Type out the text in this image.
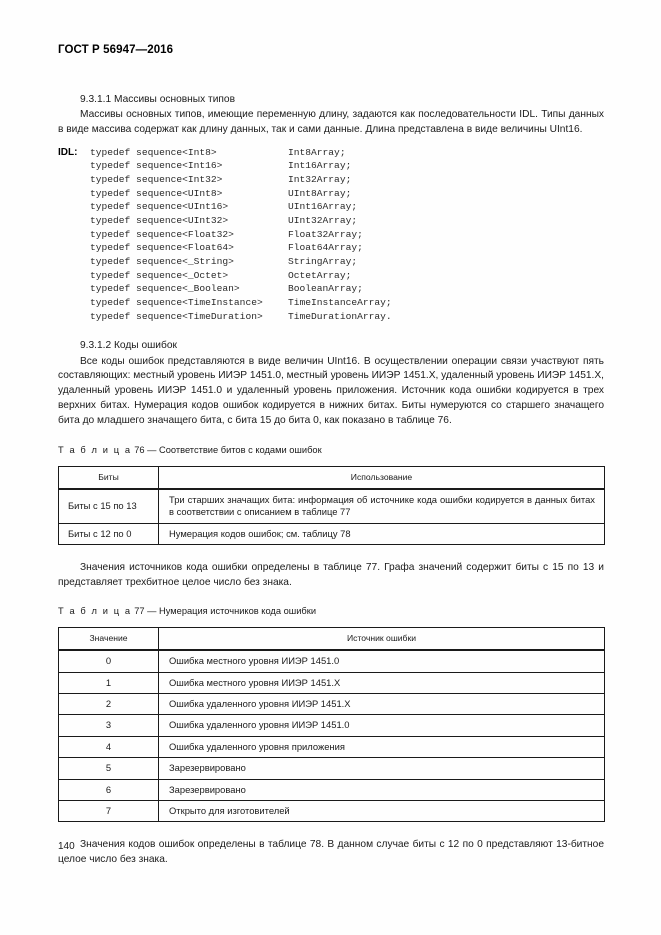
ГОСТ Р 56947—2016
9.3.1.1 Массивы основных типов

Массивы основных типов, имеющие переменную длину, задаются как последовательности IDL. Типы данных в виде массива содержат как длину данных, так и сами данные. Длина представлена в виде величины UInt16.

IDL:	typedef sequence<Int8>	Int8Array;
typedef sequence<Int16>	Int16Array;
typedef sequence<Int32>	Int32Array;
typedef sequence<UInt8>	UInt8Array;
typedef sequence<UInt16>	UInt16Array;
typedef sequence<UInt32>	UInt32Array;
typedef sequence<Float32>	Float32Array;
typedef sequence<Float64>	Float64Array;
typedef sequence<_String>	StringArray;
typedef sequence<_Octet>	OctetArray;
typedef sequence<_Boolean>	BooleanArray;
typedef sequence<TimeInstance>	TimeInstanceArray;
typedef sequence<TimeDuration>	TimeDurationArray.
9.3.1.2 Коды ошибок

Все коды ошибок представляются в виде величин UInt16. В осуществлении операции связи участвуют пять составляющих: местный уровень ИИЭР 1451.0, местный уровень ИИЭР 1451.X, удаленный уровень ИИЭР 1451.X, удаленный уровень ИИЭР 1451.0 и удаленный уровень приложения. Источник кода ошибки кодируется в трех верхних битах. Нумерация кодов ошибок кодируется в нижних битах. Биты нумеруются со старшего значащего бита до младшего значащего бита, с бита 15 до бита 0, как показано в таблице 76.

Т а б л и ц а 76 — Соответствие битов с кодами ошибок
Биты	Использование
Биты с 15 по 13	Три старших значащих бита: информация об источнике кода ошибки кодируется в данных битах в соответствии с описанием в таблице 77
Биты с 12 по 0	Нумерация кодов ошибок; см. таблицу 78

Значения источников кода ошибки определены в таблице 77. Графа значений содержит биты с 15 по 13 и представляет трехбитное целое число без знака.

Т а б л и ц а 77 — Нумерация источников кода ошибки
Значение	Источник ошибки
0	Ошибка местного уровня ИИЭР 1451.0
1	Ошибка местного уровня ИИЭР 1451.X
2	Ошибка удаленного уровня ИИЭР 1451.X
3	Ошибка удаленного уровня ИИЭР 1451.0
4	Ошибка удаленного уровня приложения
5	Зарезервировано
6	Зарезервировано
7	Открыто для изготовителей

Значения кодов ошибок определены в таблице 78. В данном случае биты с 12 по 0 представляют 13-битное целое число без знака.

140
